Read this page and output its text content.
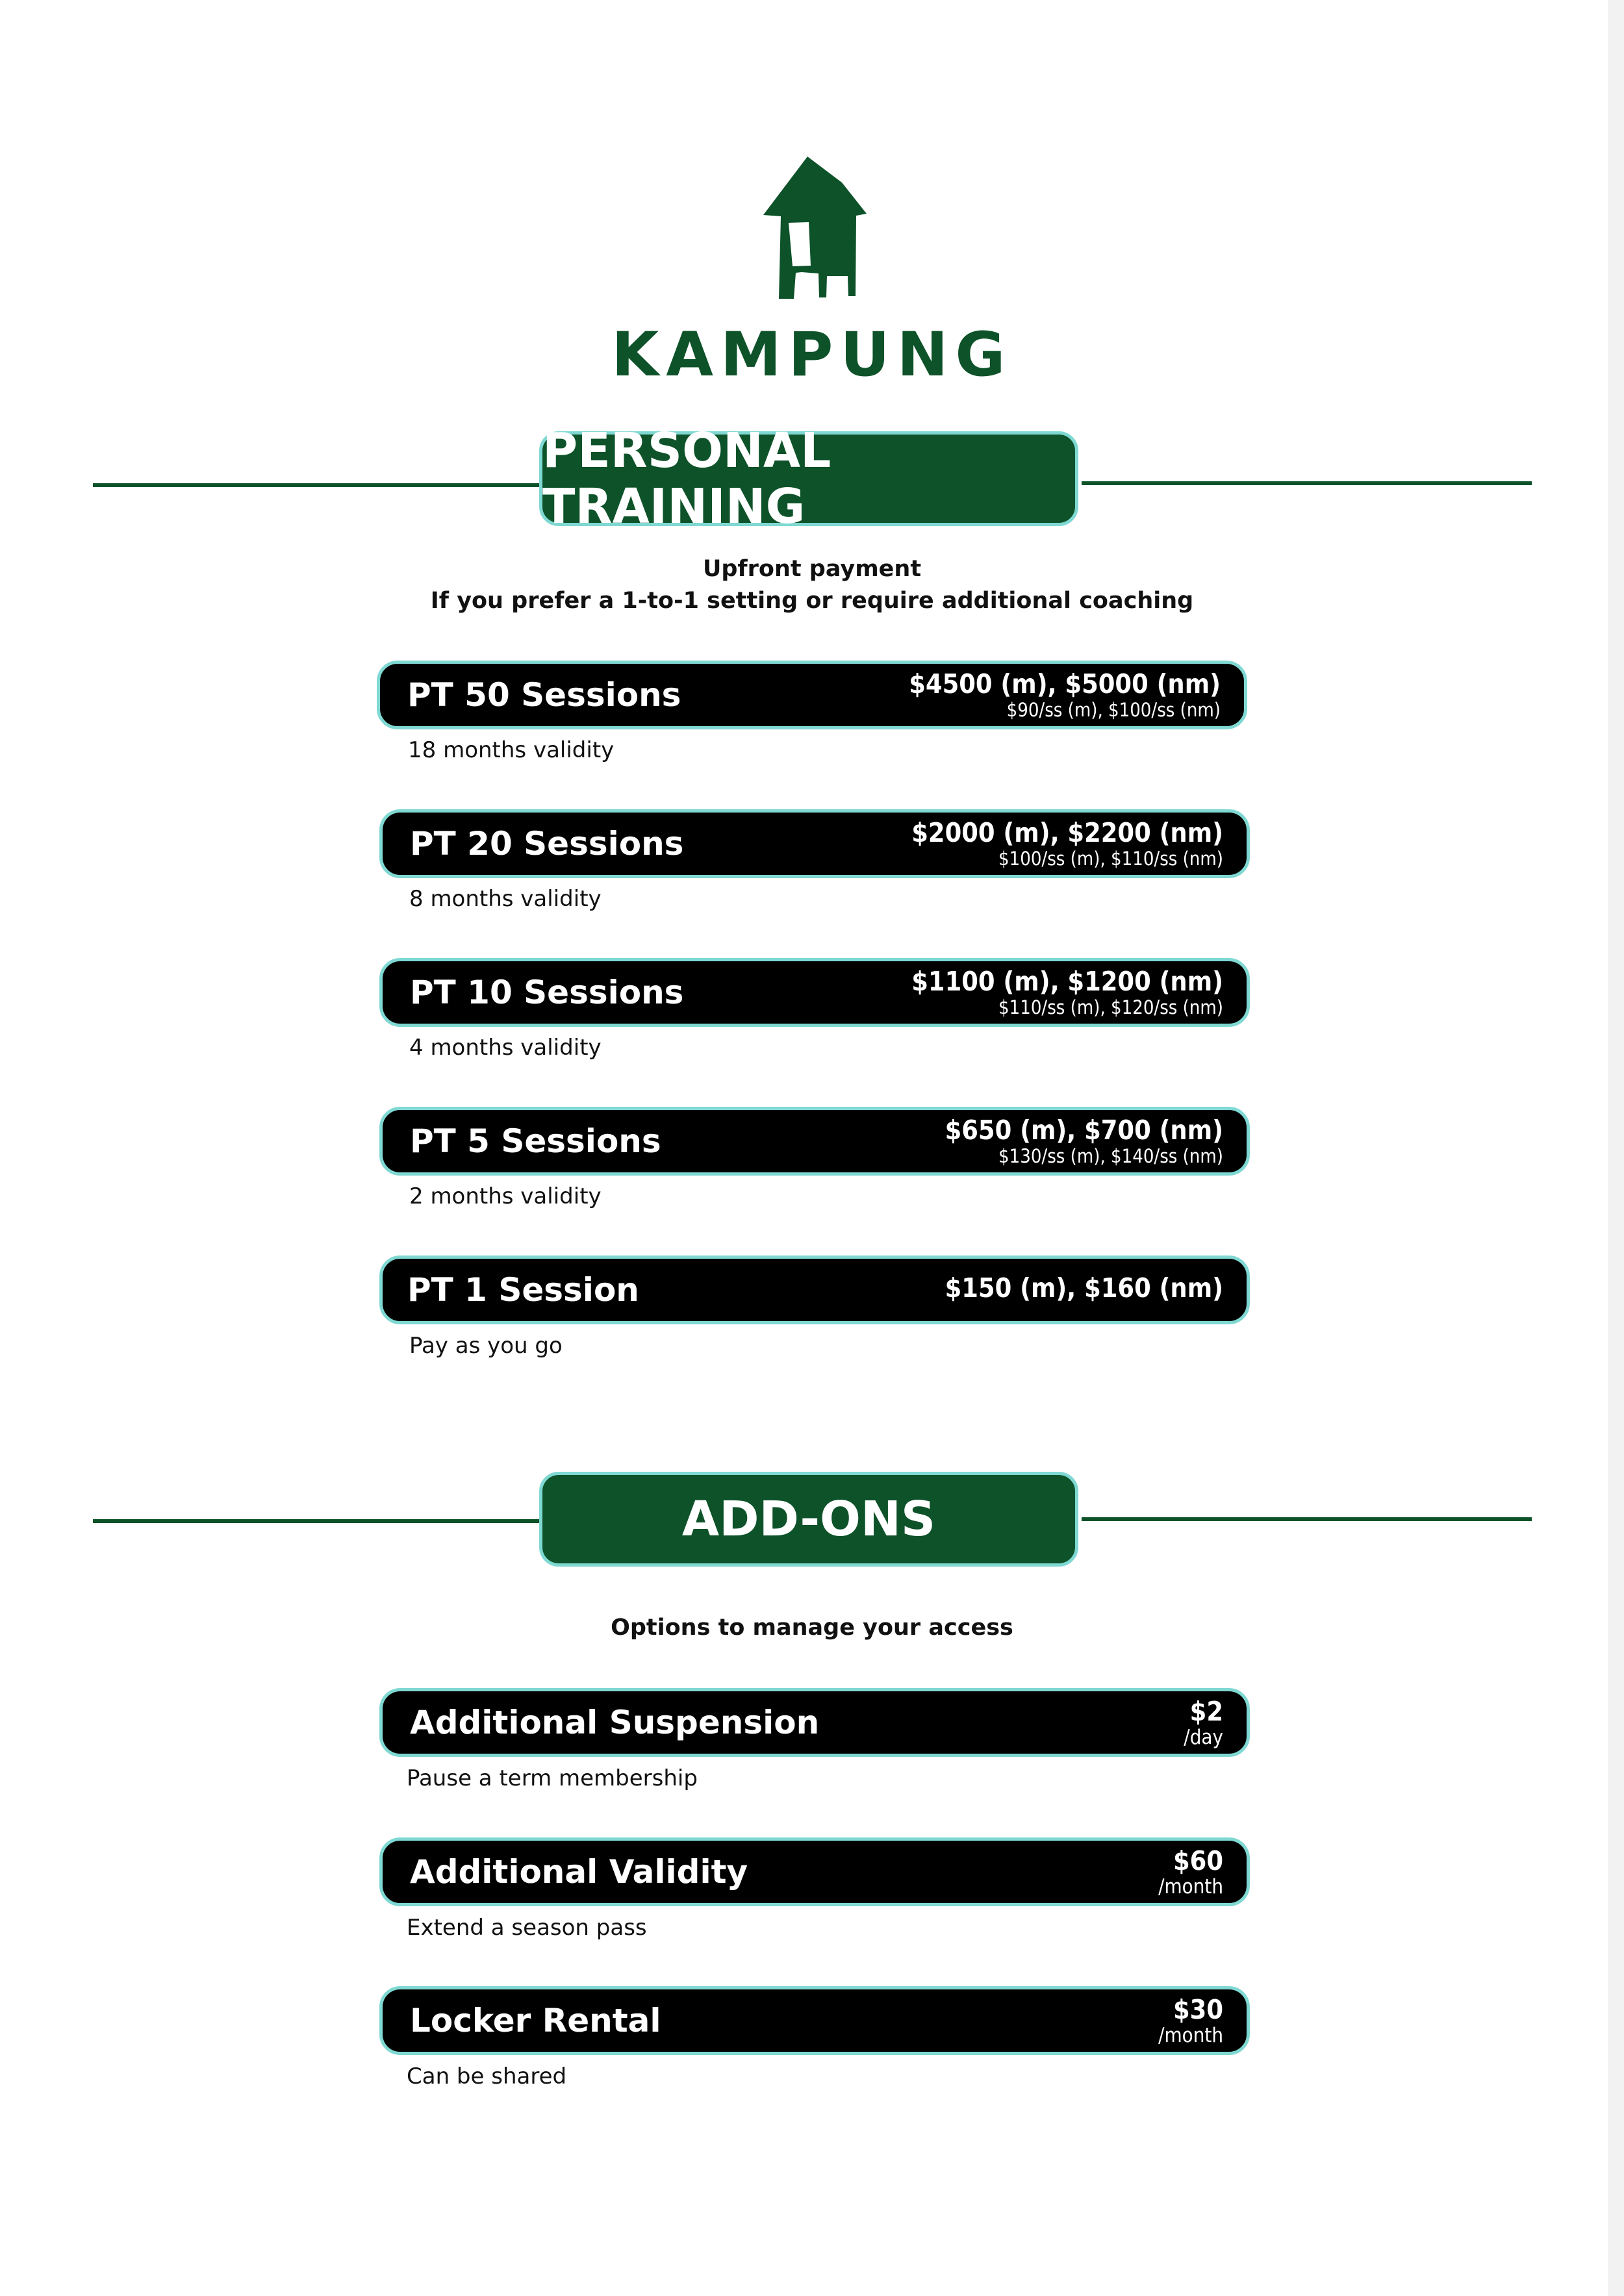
KAMPUNG
PERSONAL TRAINING
Upfront payment
If you prefer a 1-to-1 setting or require additional coaching
PT 50 Sessions	$4500 (m), $5000 (nm)
$90/ss (m), $100/ss (nm)
18 months validity
PT 20 Sessions	$2000 (m), $2200 (nm)
$100/ss (m), $110/ss (nm)
8 months validity
PT 10 Sessions	$1100 (m), $1200 (nm)
$110/ss (m), $120/ss (nm)
4 months validity
PT 5 Sessions	$650 (m), $700 (nm)
$130/ss (m), $140/ss (nm)
2 months validity
PT 1 Session	$150 (m), $160 (nm)
Pay as you go
ADD-ONS
Options to manage your access
Additional Suspension	$2
/day
Pause a term membership
Additional Validity	$60
/month
Extend a season pass
Locker Rental	$30
/month
Can be shared
